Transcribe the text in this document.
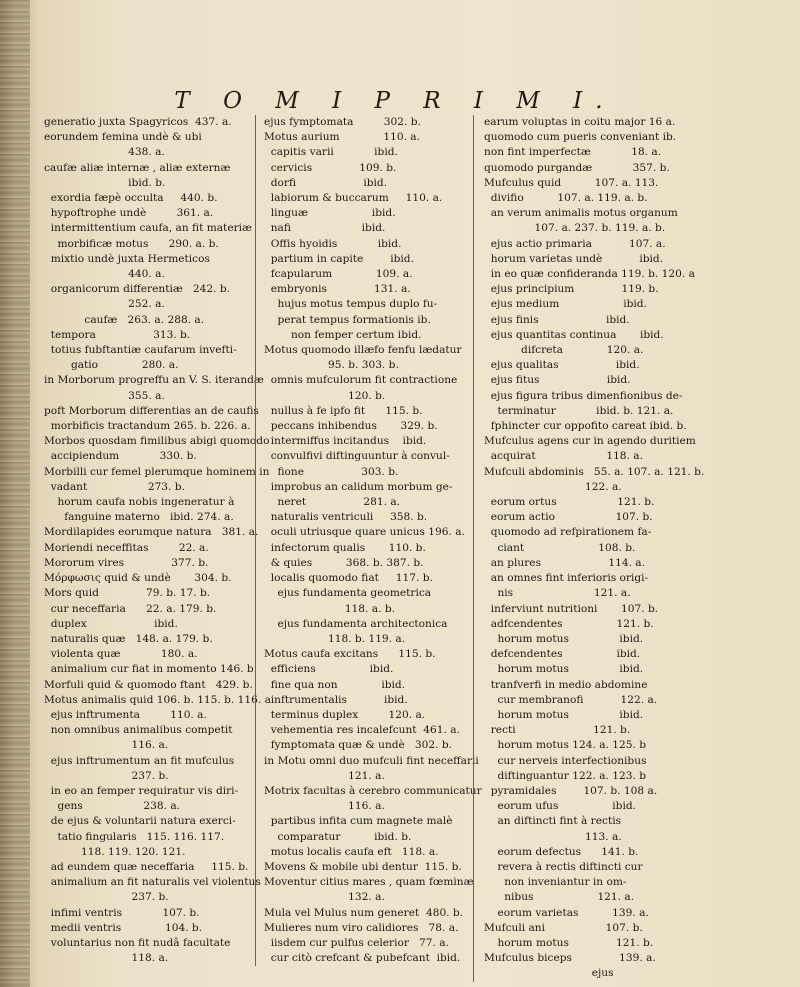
T O M I P R I M I.
generatio juxta Spagyricos  437. a.
eorundem femina undè & ubi
438. a.
caufæ aliæ internæ , aliæ externæ
ibid. b.
exordia fæpè occulta     440. b.
hypoftrophe undè         361. a.
intermittentium caufa, an fit materiæ
morbificæ motus      290. a. b.
mixtio undè juxta Hermeticos
440. a.
organicorum differentiæ   242. b.
252. a.
caufæ   263. a. 288. a.
tempora                 313. b.
totius fubftantiæ caufarum invefti-
gatio             280. a.
in Morborum progreffu an V. S. iterandæ
355. a.
poft Morborum differentias an de caufis
morbificis tractandum 265. b. 226. a.
Morbos quosdam fimilibus abigi quomodo
accipiendum            330. b.
Morbilli cur femel plerumque hominem in
vadant                  273. b.
horum caufa nobis ingeneratur à
fanguine materno   ibid. 274. a.
Mordilapides eorumque natura   381. a.
Moriendi neceffitas         22. a.
Mororum vires              377. b.
Mόρφωσις quid & undè       304. b.
Mors quid              79. b. 17. b.
cur neceffaria      22. a. 179. b.
duplex                    ibid.
naturalis quæ   148. a. 179. b.
violenta quæ            180. a.
animalium cur fiat in momento 146. b.
Morfuli quid & quomodo ftant   429. b.
Motus animalis quid 106. b. 115. b. 116. a.
ejus inftrumenta         110. a.
non omnibus animalibus competit
116. a.
ejus inftrumentum an fit mufculus
237. b.
in eo an femper requiratur vis diri-
gens                  238. a.
de ejus & voluntarii natura exerci-
tatio fingularis   115. 116. 117.
118. 119. 120. 121.
ad eundem quæ neceffaria     115. b.
animalium an fit naturalis vel violentus
237. b.
infimi ventris            107. b.
medii ventris             104. b.
voluntarius non fit nudâ facultate
118. a.
ejus fymptomata         302. b.
Motus aurium             110. a.
capitis varii            ibid.
cervicis              109. b.
dorfi                    ibid.
labiorum & buccarum     110. a.
linguæ                   ibid.
nafi                     ibid.
Offis hyoidis            ibid.
partium in capite        ibid.
fcapularum             109. a.
embryonis              131. a.
hujus motus tempus duplo fu-
perat tempus formationis ib.
non femper certum ibid.
Motus quomodo illæfo fenfu lædatur
95. b. 303. b.
omnis mufculorum fit contractione
120. b.
nullus à fe ipfo fit      115. b.
peccans inhibendus       329. b.
intermiffus incitandus    ibid.
convulfivi diftinguuntur à convul-
fione                 303. b.
improbus an calidum morbum ge-
neret                 281. a.
naturalis ventriculi     358. b.
oculi utriusque quare unicus 196. a.
infectorum qualis       110. b.
& quies          368. b. 387. b.
localis quomodo fiat     117. b.
ejus fundamenta geometrica
118. a. b.
ejus fundamenta architectonica
118. b. 119. a.
Motus caufa excitans      115. b.
efficiens                ibid.
fine qua non             ibid.
inftrumentalis           ibid.
terminus duplex         120. a.
vehementia res incalefcunt  461. a.
fymptomata quæ & undè   302. b.
in Motu omni duo mufculi fint neceffarii
121. a.
Motrix facultas à cerebro communicatur
116. a.
partibus infita cum magnete malè
comparatur          ibid. b.
motus localis caufa eft   118. a.
Movens & mobile ubi dentur  115. b.
Moventur citius mares , quam fœminæ
132. a.
Mula vel Mulus num generet  480. b.
Mulieres num viro calidiores   78. a.
iisdem cur pulfus celerior   77. a.
cur citò crefcant & pubefcant  ibid.
earum voluptas in coitu major 16 a.
quomodo cum pueris conveniant ib.
non fint imperfectæ            18. a.
quomodo purgandæ            357. b.
Mufculus quid          107. a. 113.
divifio          107. a. 119. a. b.
an verum animalis motus organum
107. a. 237. b. 119. a. b.
ejus actio primaria           107. a.
horum varietas undè           ibid.
in eo quæ confideranda 119. b. 120. a
ejus principium              119. b.
ejus medium                   ibid.
ejus finis                    ibid.
ejus quantitas continua       ibid.
difcreta             120. a.
ejus qualitas                 ibid.
ejus fitus                    ibid.
ejus figura tribus dimenfionibus de-
terminatur            ibid. b. 121. a.
fphincter cur oppofito careat ibid. b.
Mufculus agens cur in agendo duritiem
acquirat                     118. a.
Mufculi abdominis   55. a. 107. a. 121. b.
122. a.
eorum ortus                  121. b.
eorum actio                  107. b.
quomodo ad refpirationem fa-
ciant                      108. b.
an plures                    114. a.
an omnes fint inferioris origi-
nis                        121. a.
inferviunt nutritioni       107. b.
adfcendentes                121. b.
horum motus               ibid.
defcendentes                ibid.
horum motus               ibid.
tranfverfi in medio abdomine
cur membranofi           122. a.
horum motus               ibid.
recti                       121. b.
horum motus 124. a. 125. b
cur nerveis interfectionibus
diftinguantur 122. a. 123. b
pyramidales        107. b. 108 a.
eorum ufus                ibid.
an diftincti fint à rectis
113. a.
eorum defectus      141. b.
revera à rectis diftincti cur
non inveniantur in om-
nibus                   121. a.
eorum varietas          139. a.
Mufculi ani                  107. b.
horum motus              121. b.
Mufculus biceps              139. a.
ejus
